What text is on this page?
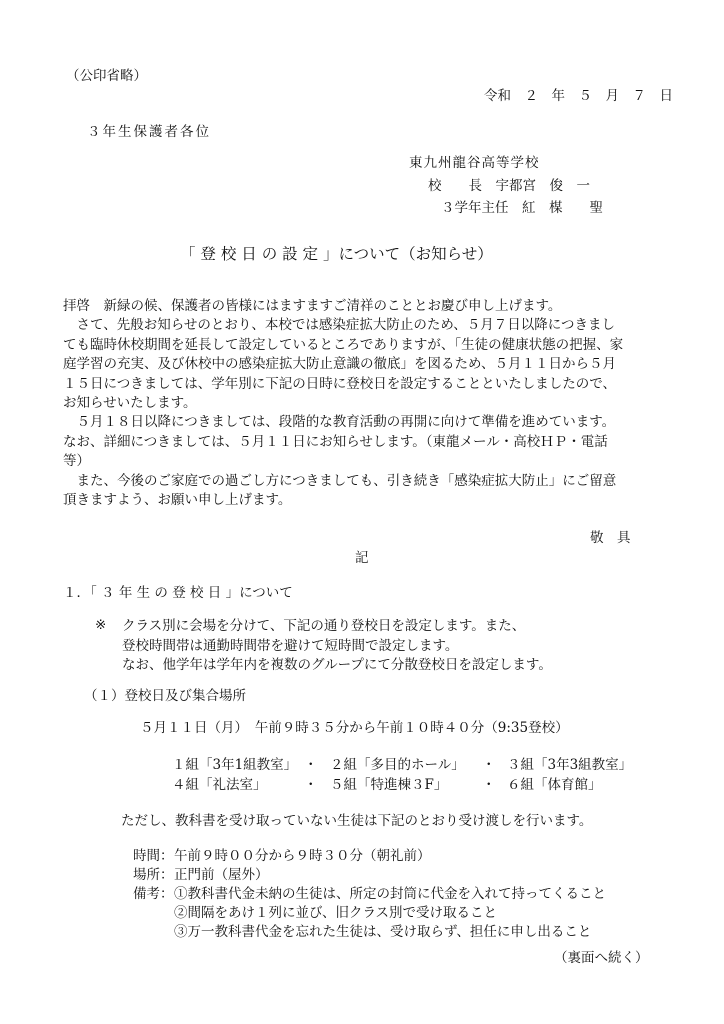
（公印省略）
令和　２　年　５　月　７　日
３年生保護者各位
東九州龍谷高等学校
校　　長　宇都宮　俊　一
３学年主任　紅　楳　　聖
「 登 校 日 の 設 定 」について（お知らせ）

拝啓　新緑の候、保護者の皆様にはますますご清祥のこととお慶び申し上げます。

　さて、先般お知らせのとおり、本校では感染症拡大防止のため、５月７日以降につきまし

ても臨時休校期間を延長して設定しているところでありますが、「生徒の健康状態の把握、家

庭学習の充実、及び休校中の感染症拡大防止意識の徹底」を図るため、５月１１日から５月

１５日につきましては、学年別に下記の日時に登校日を設定することといたしましたので、

お知らせいたします。

　５月１８日以降につきましては、段階的な教育活動の再開に向けて準備を進めています。

なお、詳細につきましては、５月１１日にお知らせします。（東龍メール・高校ＨＰ・電話

等）

　また、今後のご家庭での過ごし方につきましても、引き続き「感染症拡大防止」にご留意

頂きますよう、お願い申し上げます。

敬　具
記
１．「 ３ 年 生 の 登 校 日 」について
※ クラス別に会場を分けて、下記の通り登校日を設定します。また、

登校時間帯は通勤時間帯を避けて短時間で設定します。

なお、他学年は学年内を複数のグループにて分散登校日を設定します。

（１）登校日及び集合場所
５月１１日（月）　午前９時３５分から午前１０時４０分（9:35登校）
１組「3年1組教室」 ・ ２組「多目的ホール」 ・ ３組「3年3組教室」
４組「礼法室」	・ ５組「特進棟３F」	・ ６組「体育館」
ただし、教科書を受け取っていない生徒は下記のとおり受け渡しを行います。
時間： 午前９時００分から９時３０分（朝礼前）
場所： 正門前（屋外）
備考： ①教科書代金未納の生徒は、所定の封筒に代金を入れて持ってくること
②間隔をあけ１列に並び、旧クラス別で受け取ること
③万一教科書代金を忘れた生徒は、受け取らず、担任に申し出ること
（裏面へ続く）
